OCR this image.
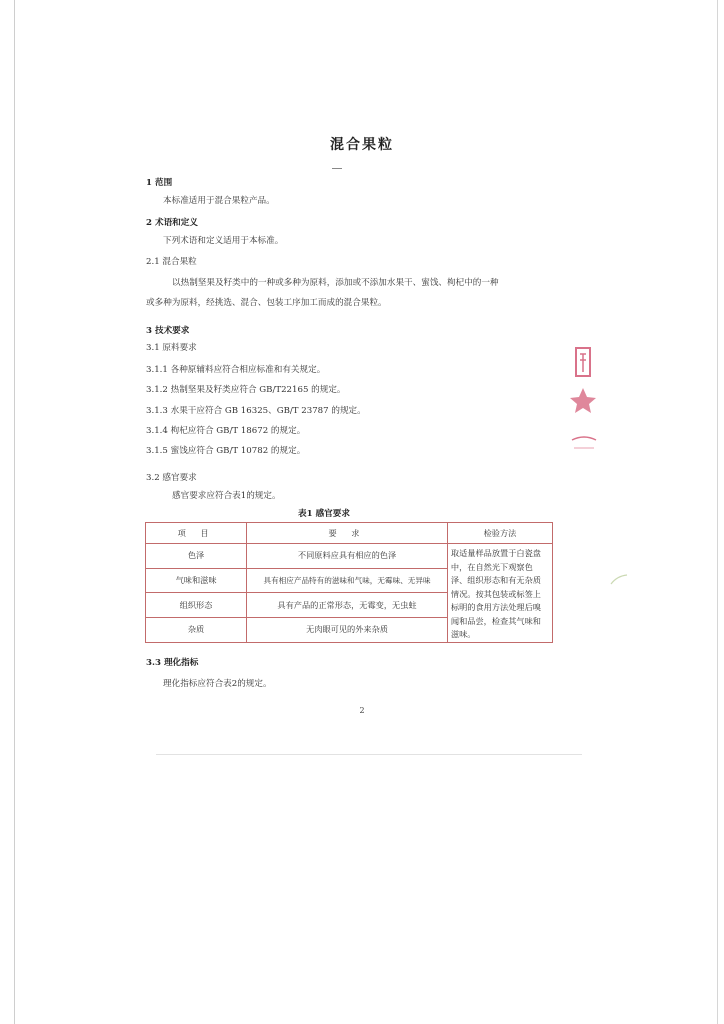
混合果粒
1 范围
本标准适用于混合果粒产品。
2 术语和定义
下列术语和定义适用于本标准。
2.1 混合果粒
以热制坚果及籽类中的一种或多种为原料，添加或不添加水果干、蜜饯、枸杞中的一种
或多种为原料，经挑选、混合、包装工序加工而成的混合果粒。
3 技术要求
3.1 原料要求
3.1.1 各种原辅料应符合相应标准和有关规定。
3.1.2 热制坚果及籽类应符合 GB/T22165 的规定。
3.1.3 水果干应符合 GB 16325、GB/T 23787 的规定。
3.1.4 枸杞应符合 GB/T 18672 的规定。
3.1.5 蜜饯应符合 GB/T 10782 的规定。
3.2 感官要求
感官要求应符合表1的规定。
表1 感官要求
项 目	要 求	检验方法
色泽	不同原料应具有相应的色泽	取适量样品放置于白瓷盘中，在自然光下观察色泽、组织形态和有无杂质情况。按其包装或标签上标明的食用方法处理后嗅闻和品尝，检查其气味和滋味。
气味和滋味	具有相应产品特有的滋味和气味，无霉味、无异味	
组织形态	具有产品的正常形态，无霉变，无虫蛀	
杂质	无肉眼可见的外来杂质	
3.3 理化指标
理化指标应符合表2的规定。
2
